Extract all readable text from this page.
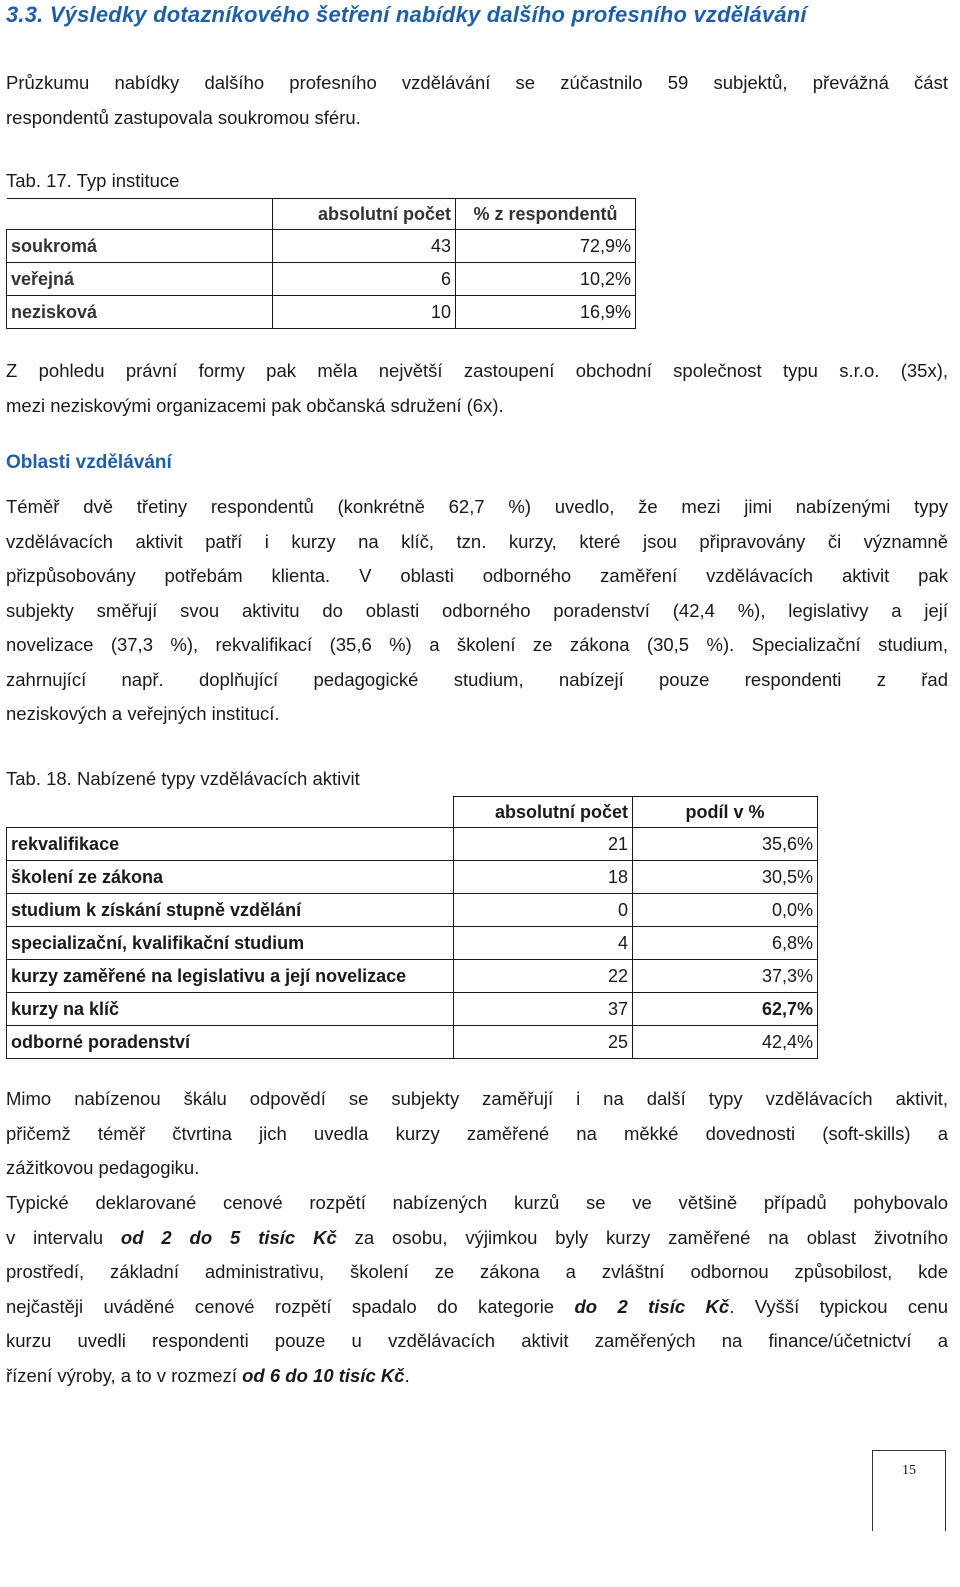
3.3. Výsledky dotazníkového šetření nabídky dalšího profesního vzdělávání
Průzkumu nabídky dalšího profesního vzdělávání se zúčastnilo 59 subjektů, převážná část
respondentů zastupovala soukromou sféru.
Tab. 17. Typ instituce
	absolutní počet	% z respondentů
soukromá	43	72,9%
veřejná	6	10,2%
nezisková	10	16,9%
Z pohledu právní formy pak měla největší zastoupení obchodní společnost typu s.r.o. (35x),
mezi neziskovými organizacemi pak občanská sdružení (6x).
Oblasti vzdělávání
Téměř dvě třetiny respondentů (konkrétně 62,7 %) uvedlo, že mezi jimi nabízenými typy
vzdělávacích aktivit patří i kurzy na klíč, tzn. kurzy, které jsou připravovány či významně
přizpůsobovány potřebám klienta. V oblasti odborného zaměření vzdělávacích aktivit pak
subjekty směřují svou aktivitu do oblasti odborného poradenství (42,4 %), legislativy a její
novelizace (37,3 %), rekvalifikací (35,6 %) a školení ze zákona (30,5 %). Specializační studium,
zahrnující např. doplňující pedagogické studium, nabízejí pouze respondenti z řad
neziskových a veřejných institucí.
Tab. 18. Nabízené typy vzdělávacích aktivit
	absolutní počet	podíl v %
rekvalifikace	21	35,6%
školení ze zákona	18	30,5%
studium k získání stupně vzdělání	0	0,0%
specializační, kvalifikační studium	4	6,8%
kurzy zaměřené na legislativu a její novelizace	22	37,3%
kurzy na klíč	37	62,7%
odborné poradenství	25	42,4%
Mimo nabízenou škálu odpovědí se subjekty zaměřují i na další typy vzdělávacích aktivit,
přičemž téměř čtvrtina jich uvedla kurzy zaměřené na měkké dovednosti (soft-skills) a
zážitkovou pedagogiku.
Typické deklarované cenové rozpětí nabízených kurzů se ve většině případů pohybovalo
v intervalu od 2 do 5 tisíc Kč za osobu, výjimkou byly kurzy zaměřené na oblast životního
prostředí, základní administrativu, školení ze zákona a zvláštní odbornou způsobilost, kde
nejčastěji uváděné cenové rozpětí spadalo do kategorie do 2 tisíc Kč. Vyšší typickou cenu
kurzu uvedli respondenti pouze u vzdělávacích aktivit zaměřených na finance/účetnictví a
řízení výroby, a to v rozmezí od 6 do 10 tisíc Kč.
15
